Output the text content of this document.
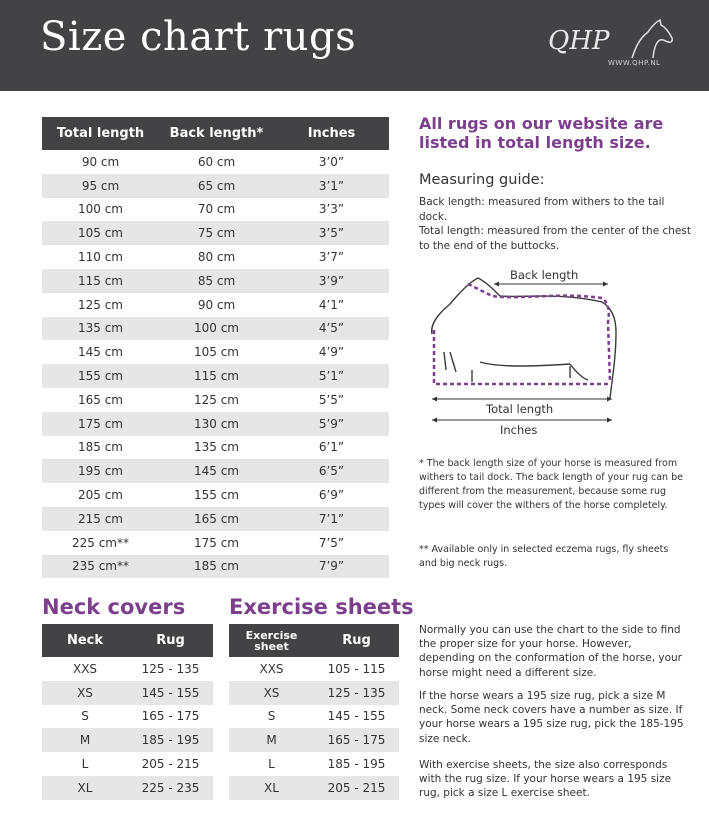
Size chart rugs	QHP
WWW.QHP.NL
Total length	Back length*	Inches
90 cm	60 cm	3’0”
95 cm	65 cm	3’1”
100 cm	70 cm	3’3”
105 cm	75 cm	3’5”
110 cm	80 cm	3’7”
115 cm	85 cm	3’9”
125 cm	90 cm	4’1”
135 cm	100 cm	4’5”
145 cm	105 cm	4’9”
155 cm	115 cm	5’1”
165 cm	125 cm	5’5”
175 cm	130 cm	5’9”
185 cm	135 cm	6’1”
195 cm	145 cm	6’5”
205 cm	155 cm	6’9”
215 cm	165 cm	7’1”
225 cm**	175 cm	7’5”
235 cm**	185 cm	7’9”
All rugs on our website are listed in total length size.
Measuring guide:
Back length: measured from withers to the tail dock.
Total length: measured from the center of the chest to the end of the buttocks.
Back length
Total length
Inches
* The back length size of your horse is measured from withers to tail dock. The back length of your rug can be different from the measurement, because some rug types will cover the withers of the horse completely.
** Available only in selected eczema rugs, fly sheets and big neck rugs.
Neck covers Exercise sheets
Neck	Rug
XXS	125 - 135
XS	145 - 155
S	165 - 175
M	185 - 195
L	205 - 215
XL	225 - 235
Exercise
sheet	Rug
XXS	105 - 115
XS	125 - 135
S	145 - 155
M	165 - 175
L	185 - 195
XL	205 - 215
Normally you can use the chart to the side to find the proper size for your horse. However, depending on the conformation of the horse, your horse might need a different size.
If the horse wears a 195 size rug, pick a size M neck. Some neck covers have a number as size. If your horse wears a 195 size rug, pick the 185-195 size neck.
With exercise sheets, the size also corresponds with the rug size. If your horse wears a 195 size rug, pick a size L exercise sheet.
